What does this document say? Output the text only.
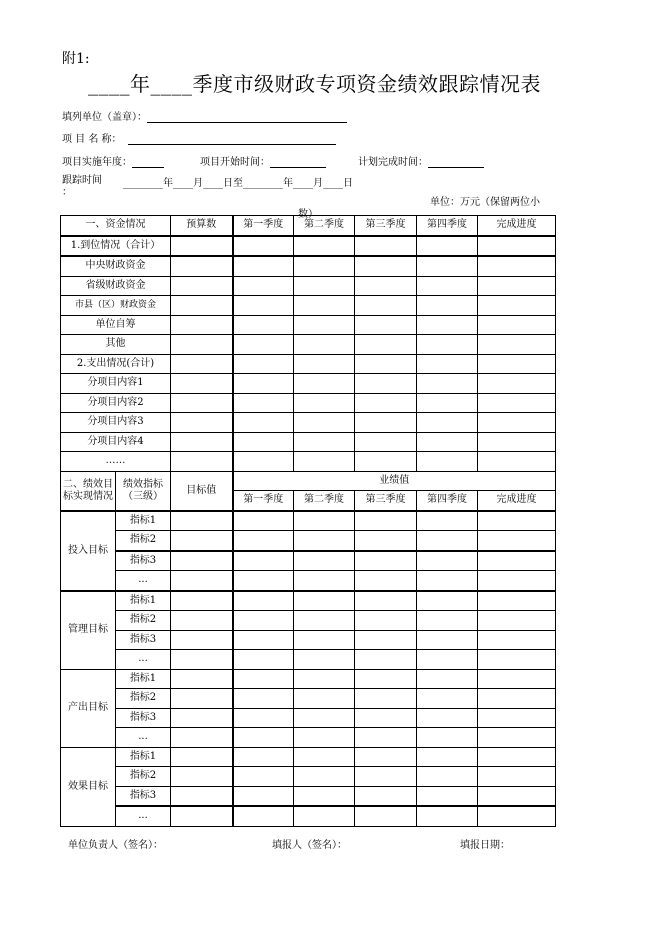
附1:
____年____季度市级财政专项资金绩效跟踪情况表
填列单位（盖章）：
项 目 名 称：
项目实施年度：	项目开始时间：	计划完成时间：
跟踪时间
：
________年____月____日至________年____月____日
单位：万元（保留两位小
数）
一、资金情况		预算数	第一季度	第二季度	第三季度	第四季度	完成进度
1.到位情况（合计）							
中央财政资金							
省级财政资金							
市县（区）财政资金							
单位自筹							
其他							
2.支出情况(合计)							
分项目内容1							
分项目内容2							
分项目内容3							
分项目内容4							
……							
二、绩效目标实现情况	绩效指标（三级）	目标值	业绩值				
			第一季度	第二季度	第三季度	第四季度	完成进度
投入目标	指标1						
	指标2						
	指标3						
	...						
管理目标	指标1						
	指标2						
	指标3						
	...						
产出目标	指标1						
	指标2						
	指标3						
	...						
效果目标	指标1						
	指标2						
	指标3						
	...						
单位负责人（签名）：	填报人（签名）：	填报日期：
